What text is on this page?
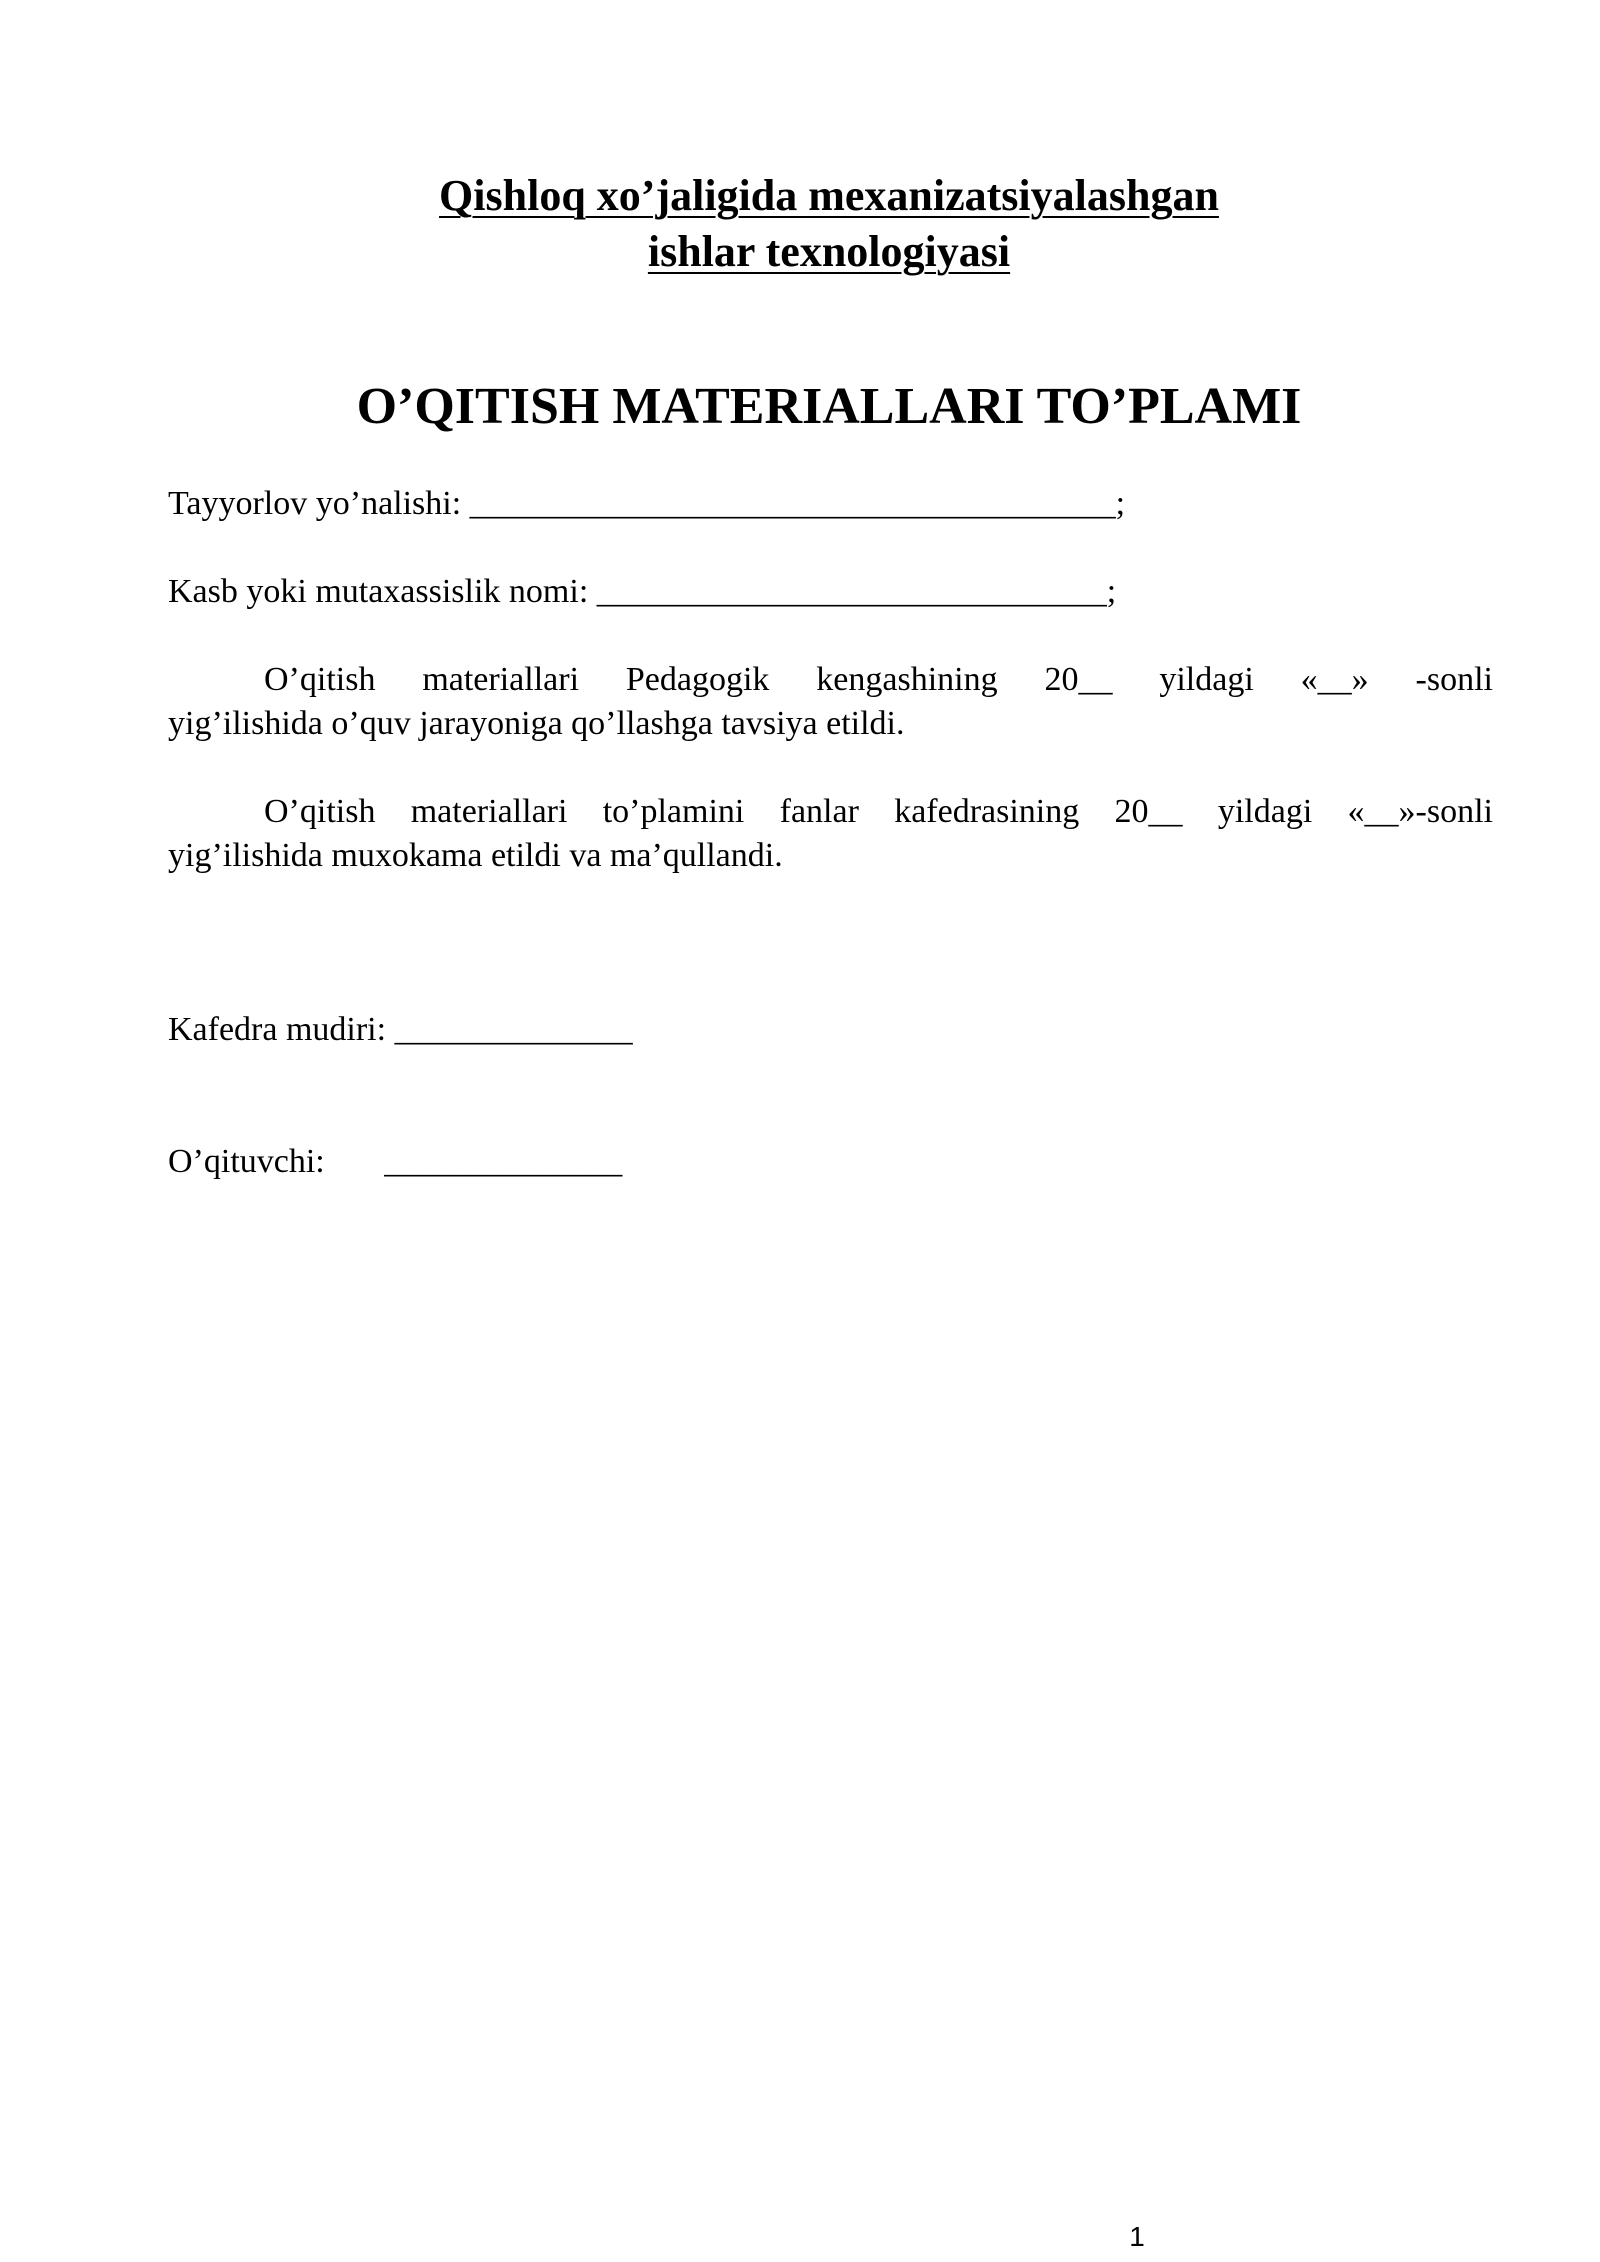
Qishloq xo’jaligida mexanizatsiyalashgan
ishlar texnologiyasi
O’QITISH MATERIALLARI TO’PLAMI
Tayyorlov yo’nalishi: ______________________________________;
Kasb yoki mutaxassislik nomi: ______________________________;
O’qitish materiallari Pedagogik kengashining 20__ yildagi «__» -sonli
yig’ilishida o’quv jarayoniga qo’llashga tavsiya etildi.
O’qitish materiallari to’plamini fanlar kafedrasining 20__ yildagi «__»-sonli
yig’ilishida muxokama etildi va ma’qullandi.
Kafedra mudiri: ______________
O’qituvchi:       ______________
1
